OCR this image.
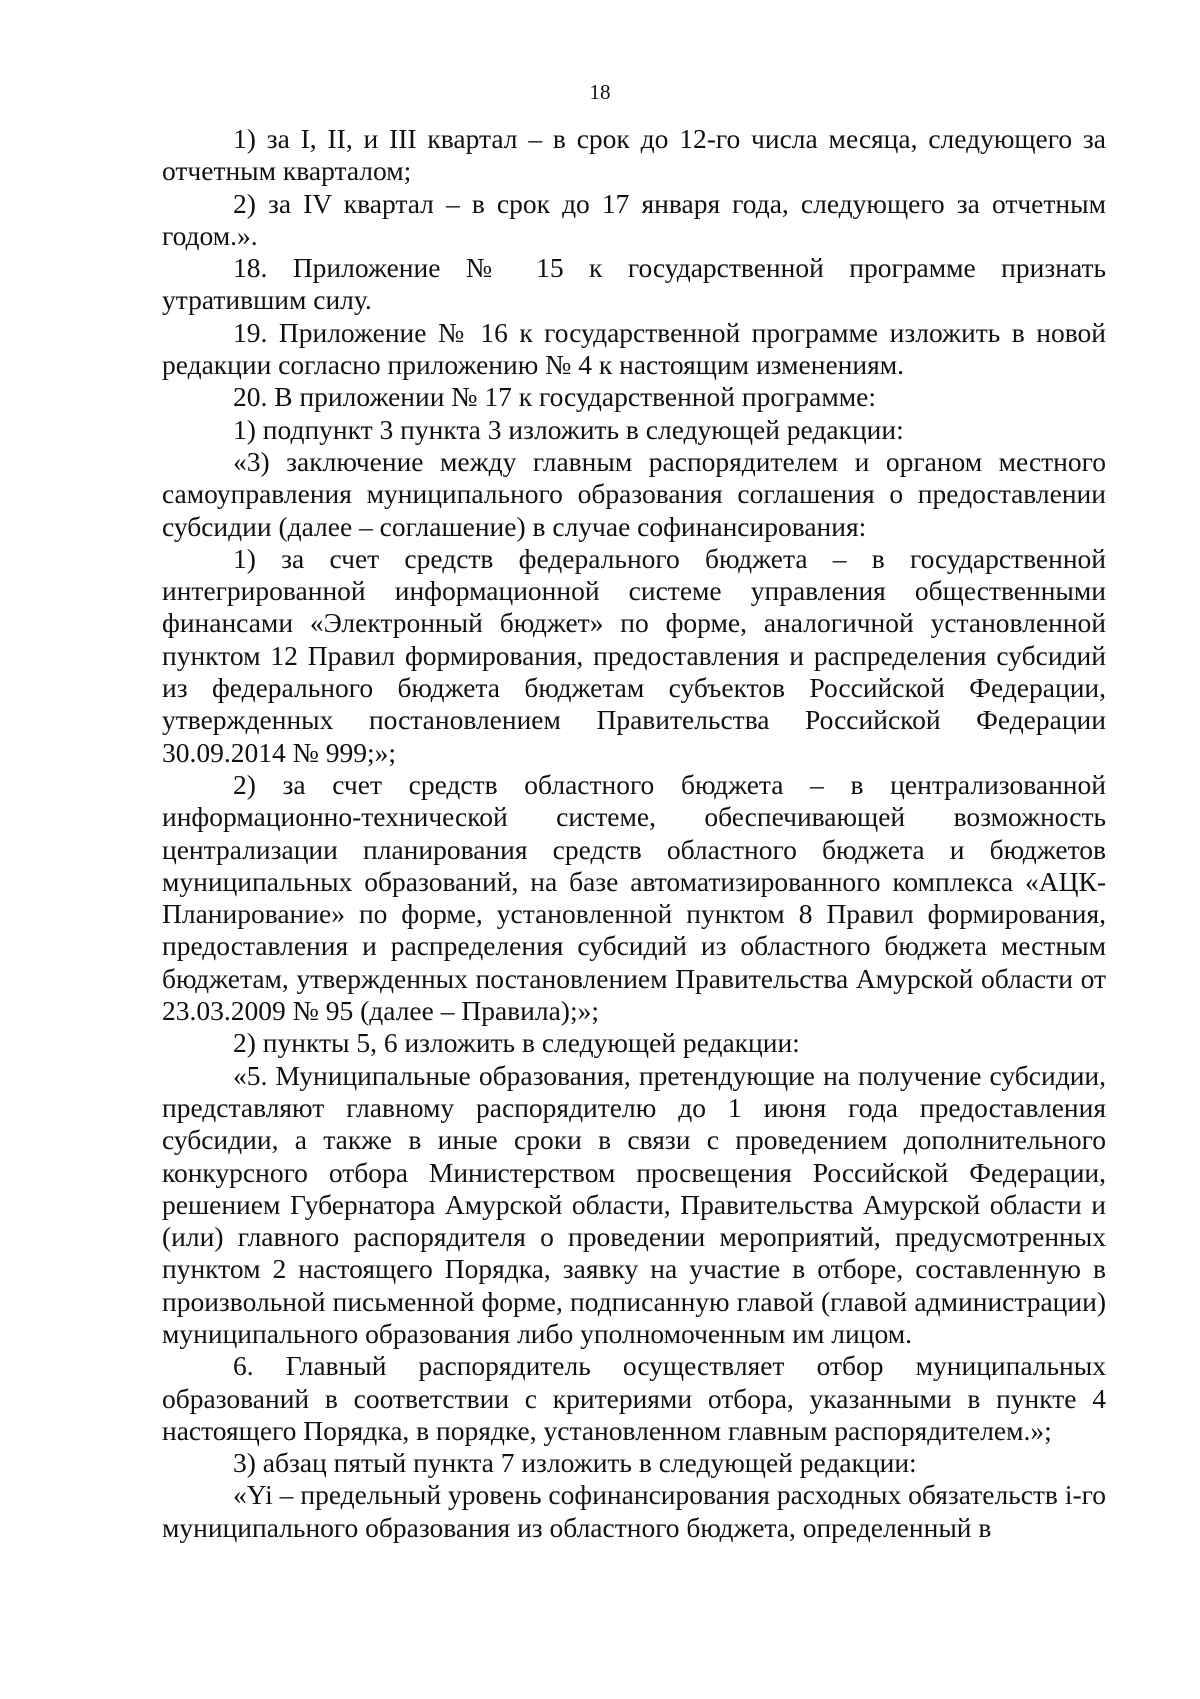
18

1) за I, II, и III квартал – в срок до 12-го числа месяца, следующего за отчетным кварталом;

2) за IV квартал – в срок до 17 января года, следующего за отчетным годом.».

18. Приложение № 15 к государственной программе признать утратившим силу.

19. Приложение № 16 к государственной программе изложить в новой редакции согласно приложению № 4 к настоящим изменениям.

20. В приложении № 17 к государственной программе:

1) подпункт 3 пункта 3 изложить в следующей редакции:

«3) заключение между главным распорядителем и органом местного самоуправления муниципального образования соглашения о предоставлении субсидии (далее – соглашение) в случае софинансирования:

1) за счет средств федерального бюджета – в государственной интегрированной информационной системе управления общественными финансами «Электронный бюджет» по форме, аналогичной установленной пунктом 12 Правил формирования, предоставления и распределения субсидий из федерального бюджета бюджетам субъектов Российской Федерации, утвержденных постановлением Правительства Российской Федерации 30.09.2014 № 999;»;

2) за счет средств областного бюджета – в централизованной информационно-технической системе, обеспечивающей возможность централизации планирования средств областного бюджета и бюджетов муниципальных образований, на базе автоматизированного комплекса «АЦК-Планирование» по форме, установленной пунктом 8 Правил формирования, предоставления и распределения субсидий из областного бюджета местным бюджетам, утвержденных постановлением Правительства Амурской области от 23.03.2009 № 95 (далее – Правила);»;

2) пункты 5, 6 изложить в следующей редакции:

«5. Муниципальные образования, претендующие на получение субсидии, представляют главному распорядителю до 1 июня года предоставления субсидии, а также в иные сроки в связи с проведением дополнительного конкурсного отбора Министерством просвещения Российской Федерации, решением Губернатора Амурской области, Правительства Амурской области и (или) главного распорядителя о проведении мероприятий, предусмотренных пунктом 2 настоящего Порядка, заявку на участие в отборе, составленную в произвольной письменной форме, подписанную главой (главой администрации) муниципального образования либо уполномоченным им лицом.

6. Главный распорядитель осуществляет отбор муниципальных образований в соответствии с критериями отбора, указанными в пункте 4 настоящего Порядка, в порядке, установленном главным распорядителем.»;

3) абзац пятый пункта 7 изложить в следующей редакции:

«Yi – предельный уровень софинансирования расходных обязательств i-го муниципального образования из областного бюджета, определенный в
